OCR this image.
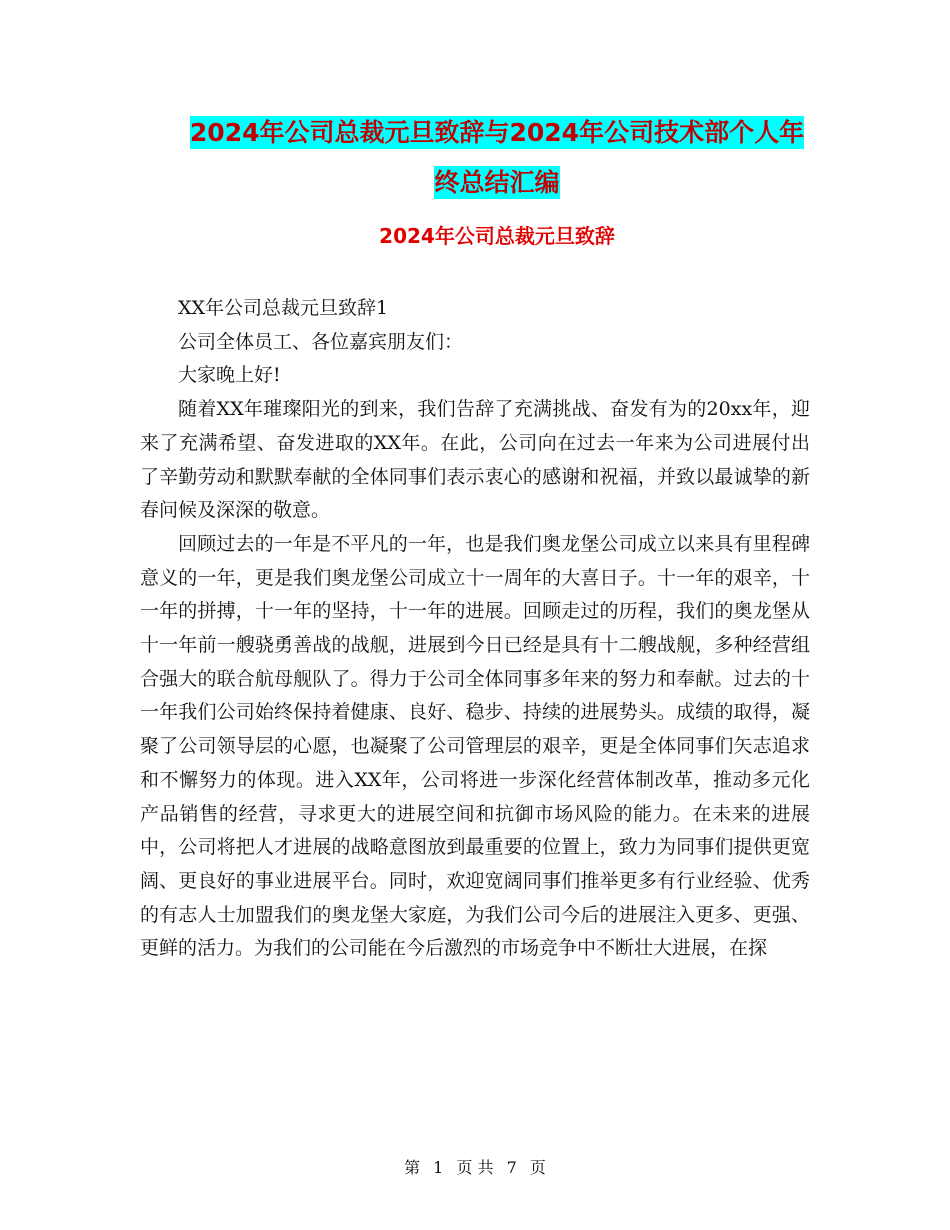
2024年公司总裁元旦致辞与2024年公司技术部个人年
终总结汇编
2024年公司总裁元旦致辞

XX年公司总裁元旦致辞1

公司全体员工、各位嘉宾朋友们：

大家晚上好!

随着XX年璀璨阳光的到来，我们告辞了充满挑战、奋发有为的20xx年，迎来了充满希望、奋发进取的XX年。在此，公司向在过去一年来为公司进展付出了辛勤劳动和默默奉献的全体同事们表示衷心的感谢和祝福，并致以最诚挚的新春问候及深深的敬意。

回顾过去的一年是不平凡的一年，也是我们奥龙堡公司成立以来具有里程碑意义的一年，更是我们奥龙堡公司成立十一周年的大喜日子。十一年的艰辛，十一年的拼搏，十一年的坚持，十一年的进展。回顾走过的历程，我们的奥龙堡从十一年前一艘骁勇善战的战舰，进展到今日已经是具有十二艘战舰，多种经营组合强大的联合航母舰队了。得力于公司全体同事多年来的努力和奉献。过去的十一年我们公司始终保持着健康、良好、稳步、持续的进展势头。成绩的取得，凝聚了公司领导层的心愿，也凝聚了公司管理层的艰辛，更是全体同事们矢志追求和不懈努力的体现。进入XX年，公司将进一步深化经营体制改革，推动多元化产品销售的经营，寻求更大的进展空间和抗御市场风险的能力。在未来的进展中，公司将把人才进展的战略意图放到最重要的位置上，致力为同事们提供更宽阔、更良好的事业进展平台。同时，欢迎宽阔同事们推举更多有行业经验、优秀的有志人士加盟我们的奥龙堡大家庭，为我们公司今后的进展注入更多、更强、更鲜的活力。为我们的公司能在今后激烈的市场竞争中不断壮大进展，在探

第 1 页 共 7 页
